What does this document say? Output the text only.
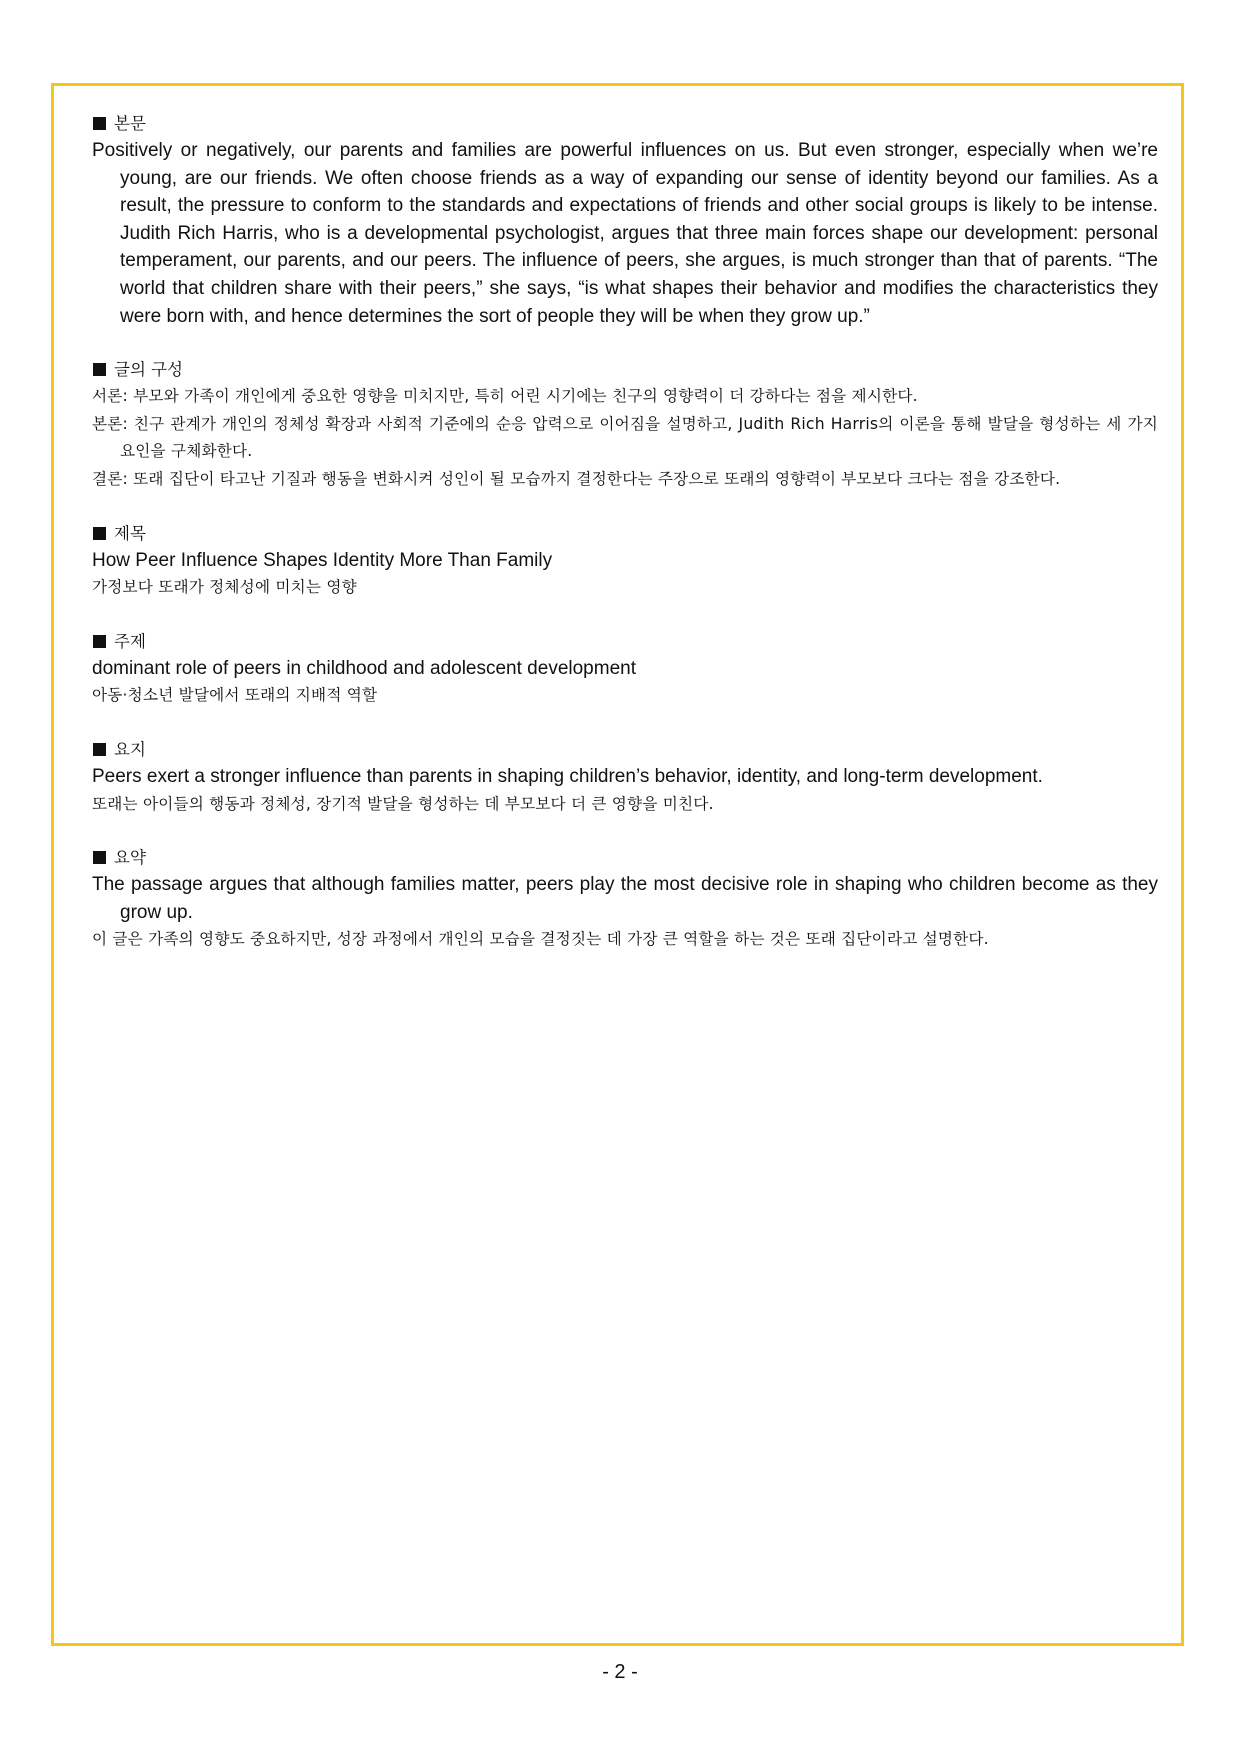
본문

Positively or negatively, our parents and families are powerful influences on us. But even stronger, especially when we’re young, are our friends. We often choose friends as a way of expanding our sense of identity beyond our families. As a result, the pressure to conform to the standards and expectations of friends and other social groups is likely to be intense. Judith Rich Harris, who is a developmental psychologist, argues that three main forces shape our development: personal temperament, our parents, and our peers. The influence of peers, she argues, is much stronger than that of parents. “The world that children share with their peers,” she says, “is what shapes their behavior and modifies the characteristics they were born with, and hence determines the sort of people they will be when they grow up.”

글의 구성

서론: 부모와 가족이 개인에게 중요한 영향을 미치지만, 특히 어린 시기에는 친구의 영향력이 더 강하다는 점을 제시한다.

본론: 친구 관계가 개인의 정체성 확장과 사회적 기준에의 순응 압력으로 이어짐을 설명하고, Judith Rich Harris의 이론을 통해 발달을 형성하는 세 가지 요인을 구체화한다.

결론: 또래 집단이 타고난 기질과 행동을 변화시켜 성인이 될 모습까지 결정한다는 주장으로 또래의 영향력이 부모보다 크다는 점을 강조한다.

제목

How Peer Influence Shapes Identity More Than Family

가정보다 또래가 정체성에 미치는 영향

주제

dominant role of peers in childhood and adolescent development

아동·청소년 발달에서 또래의 지배적 역할

요지

Peers exert a stronger influence than parents in shaping children’s behavior, identity, and long-term development.

또래는 아이들의 행동과 정체성, 장기적 발달을 형성하는 데 부모보다 더 큰 영향을 미친다.

요약

The passage argues that although families matter, peers play the most decisive role in shaping who children become as they grow up.

이 글은 가족의 영향도 중요하지만, 성장 과정에서 개인의 모습을 결정짓는 데 가장 큰 역할을 하는 것은 또래 집단이라고 설명한다.

- 2 -
